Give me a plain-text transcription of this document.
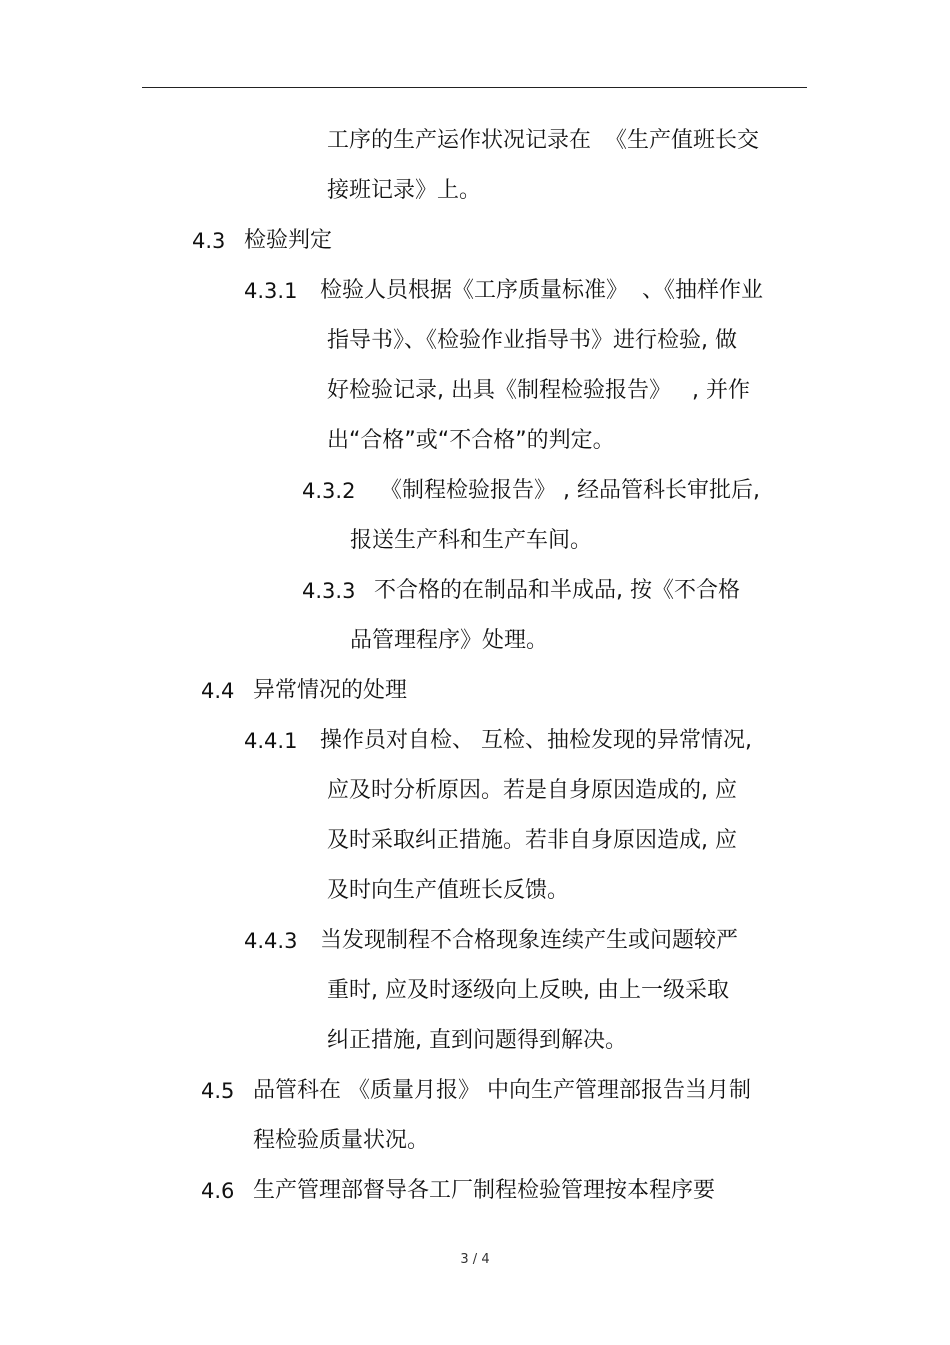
工序的生产运作状况记录在  《生产值班长交
接班记录》上。
4.3 检验判定
4.3.1 检验人员根据《工序质量标准》  、《抽样作业
指导书》、《检验作业指导书》进行检验, 做
好检验记录, 出具《制程检验报告》   , 并作
出“合格”或“不合格”的判定。
4.3.2 《制程检验报告》 , 经品管科长审批后,
报送生产科和生产车间。
4.3.3 不合格的在制品和半成品, 按《不合格
品管理程序》处理。
4.4 异常情况的处理
4.4.1 操作员对自检、 互检、抽检发现的异常情况,
应及时分析原因。若是自身原因造成的, 应
及时采取纠正措施。若非自身原因造成, 应
及时向生产值班长反馈。
4.4.3 当发现制程不合格现象连续产生或问题较严
重时, 应及时逐级向上反映, 由上一级采取
纠正措施, 直到问题得到解决。
4.5 品管科在 《质量月报》 中向生产管理部报告当月制
程检验质量状况。
4.6 生产管理部督导各工厂制程检验管理按本程序要
3 / 4
